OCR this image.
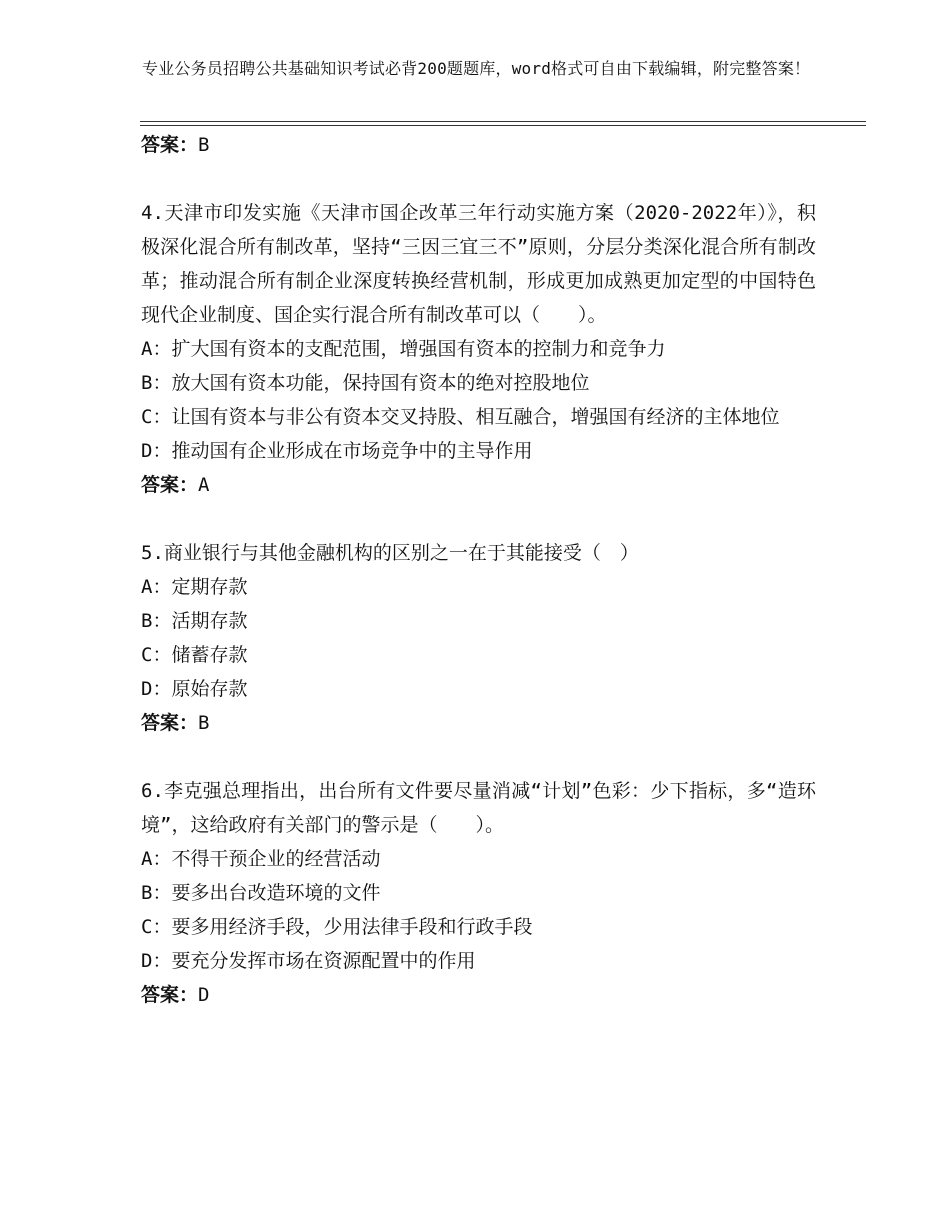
专业公务员招聘公共基础知识考试必背200题题库，word格式可自由下载编辑，附完整答案！
答案：B

4.天津市印发实施《天津市国企改革三年行动实施方案（2020-2022年）》，积极深化混合所有制改革，坚持“三因三宜三不”原则，分层分类深化混合所有制改革；推动混合所有制企业深度转换经营机制，形成更加成熟更加定型的中国特色现代企业制度、国企实行混合所有制改革可以（　　）。

A：扩大国有资本的支配范围，增强国有资本的控制力和竞争力

B：放大国有资本功能，保持国有资本的绝对控股地位

C：让国有资本与非公有资本交叉持股、相互融合，增强国有经济的主体地位

D：推动国有企业形成在市场竞争中的主导作用

答案：A

5.商业银行与其他金融机构的区别之一在于其能接受（　）

A：定期存款

B：活期存款

C：储蓄存款

D：原始存款

答案：B

6.李克强总理指出，出台所有文件要尽量消减“计划”色彩：少下指标，多“造环境”，这给政府有关部门的警示是（　　）。

A：不得干预企业的经营活动

B：要多出台改造环境的文件

C：要多用经济手段，少用法律手段和行政手段

D：要充分发挥市场在资源配置中的作用

答案：D
